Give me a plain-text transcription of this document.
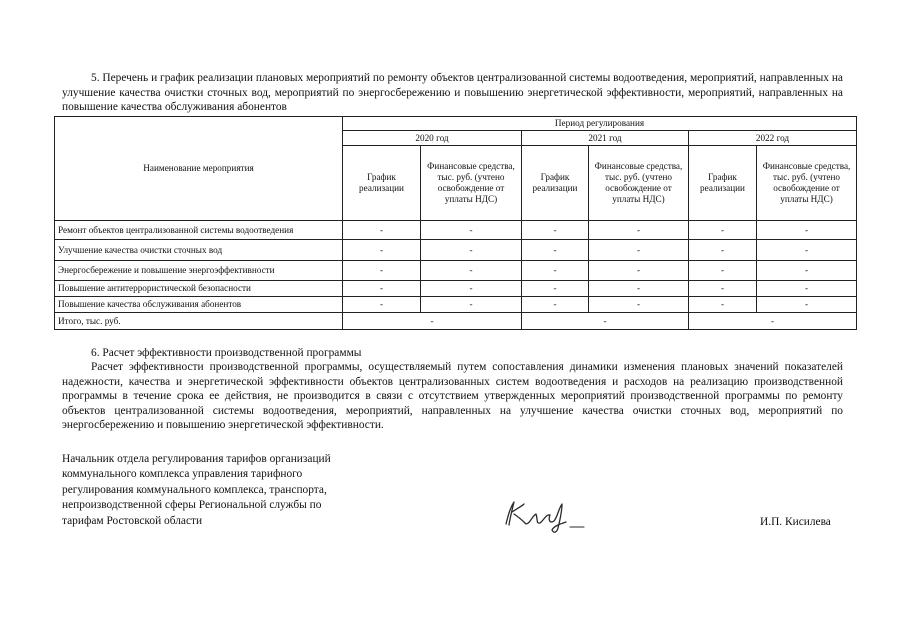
5. Перечень и график реализации плановых мероприятий по ремонту объектов централизованной системы водоотведения, мероприятий, направленных на улучшение качества очистки сточных вод, мероприятий по энергосбережению и повышению энергетической эффективности, мероприятий, направленных на повышение качества обслуживания абонентов
Наименование мероприятия	Период регулирования					
	2020 год		2021 год		2022 год	
	График реализации	Финансовые средства, тыс. руб. (учтено освобождение от уплаты НДС)	График реализации	Финансовые средства, тыс. руб. (учтено освобождение от уплаты НДС)	График реализации	Финансовые средства, тыс. руб. (учтено освобождение от уплаты НДС)
Ремонт объектов централизованной системы водоотведения	-	-	-	-	-	-
Улучшение качества очистки сточных вод	-	-	-	-	-	-
Энергосбережение и повышение энергоэффективности	-	-	-	-	-	-
Повышение антитеррористической безопасности	-	-	-	-	-	-
Повышение качества обслуживания абонентов	-	-	-	-	-	-
Итого, тыс. руб.	-		-		-	
6. Расчет эффективности производственной программы
Расчет эффективности производственной программы, осуществляемый путем сопоставления динамики изменения плановых значений показателей надежности, качества и энергетической эффективности объектов централизованных систем водоотведения и расходов на реализацию производственной программы в течение срока ее действия, не производится в связи с отсутствием утвержденных мероприятий производственной программы по ремонту объектов централизованной системы водоотведения, мероприятий, направленных на улучшение качества очистки сточных вод, мероприятий по энергосбережению и повышению энергетической эффективности.
Начальник отдела регулирования тарифов организаций
коммунального комплекса управления тарифного
регулирования коммунального комплекса, транспорта,
непроизводственной сферы Региональной службы по
тарифам Ростовской области	И.П. Кисилева
